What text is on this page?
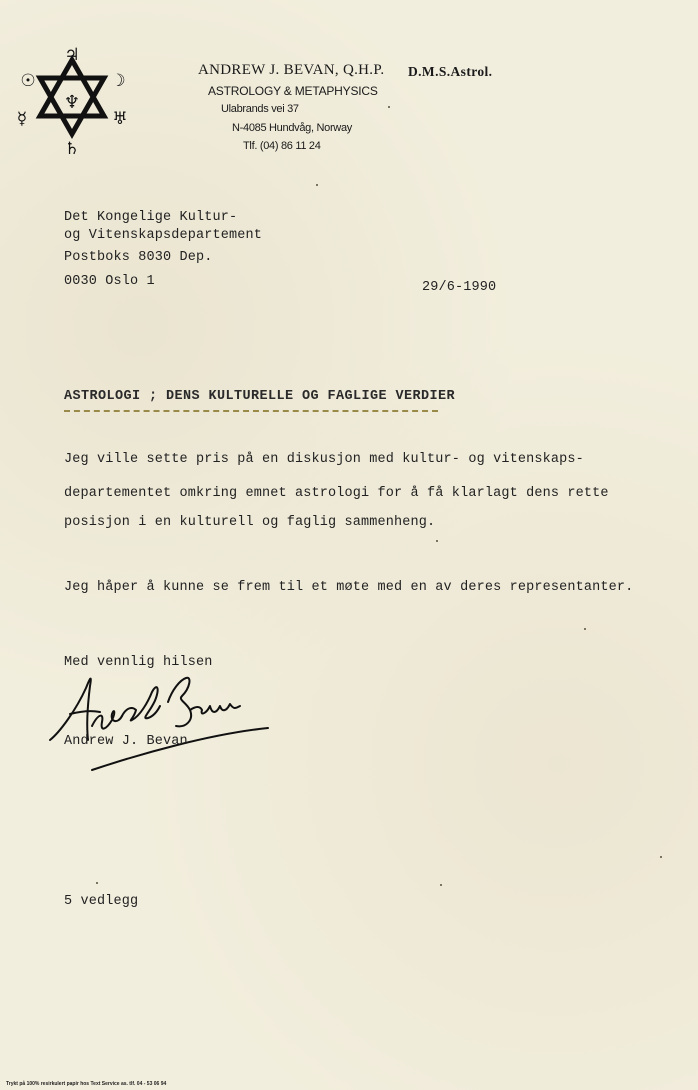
♃
☉	☽
☿	♅
♄
♆
ANDREW J. BEVAN, Q.H.P. D.M.S.Astrol.
ASTROLOGY & METAPHYSICS
Ulabrands vei 37
N-4085 Hundvåg, Norway
Tlf. (04) 86 11 24
Det Kongelige Kultur-
og Vitenskapsdepartement
Postboks 8030 Dep.
0030 Oslo 1	29/6-1990
ASTROLOGI ; DENS KULTURELLE OG FAGLIGE VERDIER
Jeg ville sette pris på en diskusjon med kultur- og vitenskaps-
departementet omkring emnet astrologi for å få klarlagt dens rette
posisjon i en kulturell og faglig sammenheng.
Jeg håper å kunne se frem til et møte med en av deres representanter.
Med vennlig hilsen
Andrew J. Bevan
5 vedlegg
Trykt på 100% resirkulert papir hos Text Service as. tlf. 04 - 53 06 94
